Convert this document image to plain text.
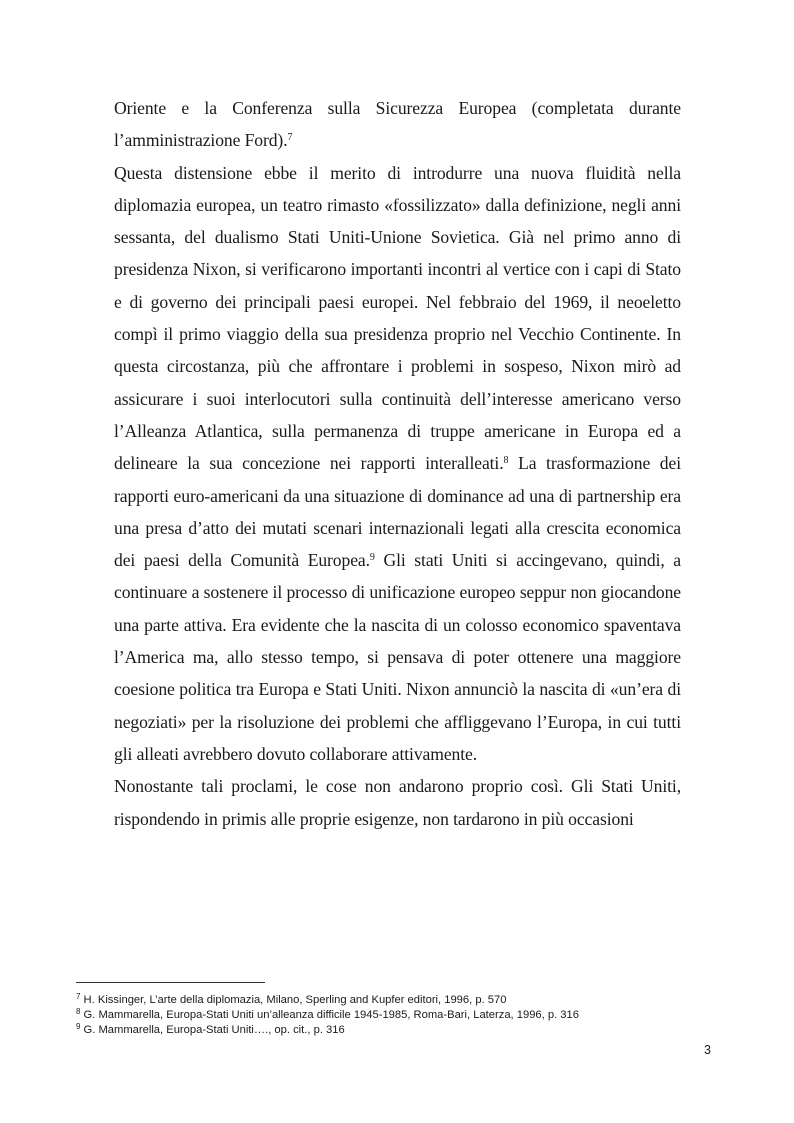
Oriente e la Conferenza sulla Sicurezza Europea (completata durante l’amministrazione Ford).$^7$

Questa distensione ebbe il merito di introdurre una nuova fluidità nella diplomazia europea, un teatro rimasto «fossilizzato» dalla definizione, negli anni sessanta, del dualismo Stati Uniti-Unione Sovietica. Già nel primo anno di presidenza Nixon, si verificarono importanti incontri al vertice con i capi di Stato e di governo dei principali paesi europei. Nel febbraio del 1969, il neoeletto compì il primo viaggio della sua presidenza proprio nel Vecchio Continente. In questa circostanza, più che affrontare i problemi in sospeso, Nixon mirò ad assicurare i suoi interlocutori sulla continuità dell’interesse americano verso l’Alleanza Atlantica, sulla permanenza di truppe americane in Europa ed a delineare la sua concezione nei rapporti interalleati.$^8$ La trasformazione dei rapporti euro-americani da una situazione di dominance ad una di partnership era una presa d’atto dei mutati scenari internazionali legati alla crescita economica dei paesi della Comunità Europea.$^9$ Gli stati Uniti si accingevano, quindi, a continuare a sostenere il processo di unificazione europeo seppur non giocandone una parte attiva. Era evidente che la nascita di un colosso economico spaventava l’America ma, allo stesso tempo, si pensava di poter ottenere una maggiore coesione politica tra Europa e Stati Uniti. Nixon annunciò la nascita di «un’era di negoziati» per la risoluzione dei problemi che affliggevano l’Europa, in cui tutti gli alleati avrebbero dovuto collaborare attivamente.

Nonostante tali proclami, le cose non andarono proprio così. Gli Stati Uniti, rispondendo in primis alle proprie esigenze, non tardarono in più occasioni

$^7$ H. Kissinger, L’arte della diplomazia, Milano, Sperling and Kupfer editori, 1996, p. 570
$^8$ G. Mammarella, Europa-Stati Uniti un’alleanza difficile 1945-1985, Roma-Bari, Laterza, 1996, p. 316
$^9$ G. Mammarella, Europa-Stati Uniti…., op. cit., p. 316
3
